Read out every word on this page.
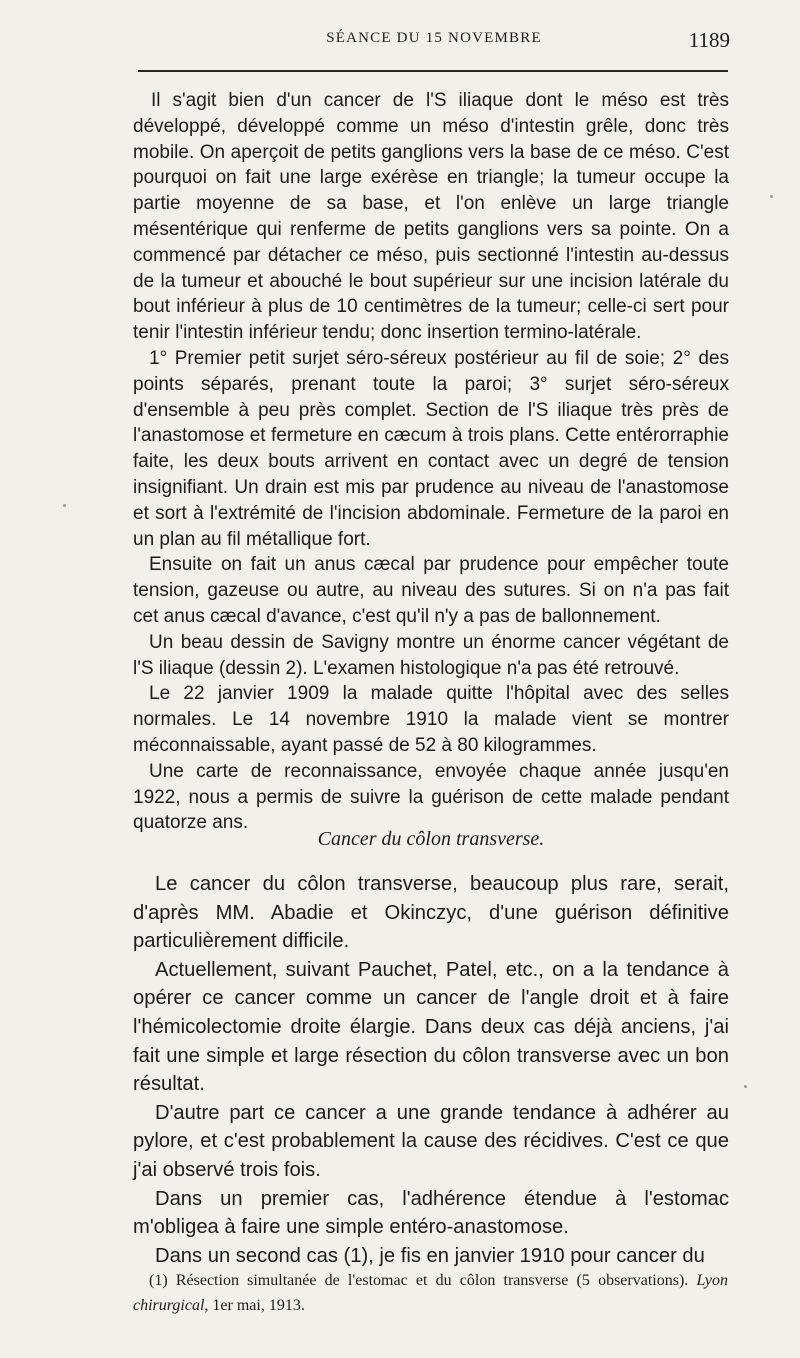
SÉANCE DU 15 NOVEMBRE	1189

Il s'agit bien d'un cancer de l'S iliaque dont le méso est très développé, développé comme un méso d'intestin grêle, donc très mobile. On aperçoit de petits ganglions vers la base de ce méso. C'est pourquoi on fait une large exérèse en triangle; la tumeur occupe la partie moyenne de sa base, et l'on enlève un large triangle mésentérique qui renferme de petits ganglions vers sa pointe. On a commencé par détacher ce méso, puis sectionné l'intestin au-dessus de la tumeur et abouché le bout supérieur sur une incision latérale du bout inférieur à plus de 10 centimètres de la tumeur; celle-ci sert pour tenir l'intestin inférieur tendu; donc insertion termino-latérale.

1° Premier petit surjet séro-séreux postérieur au fil de soie; 2° des points séparés, prenant toute la paroi; 3° surjet séro-séreux d'ensemble à peu près complet. Section de l'S iliaque très près de l'anastomose et fermeture en cæcum à trois plans. Cette entérorraphie faite, les deux bouts arrivent en contact avec un degré de tension insignifiant. Un drain est mis par prudence au niveau de l'anastomose et sort à l'extrémité de l'incision abdominale. Fermeture de la paroi en un plan au fil métallique fort.

Ensuite on fait un anus cæcal par prudence pour empêcher toute tension, gazeuse ou autre, au niveau des sutures. Si on n'a pas fait cet anus cæcal d'avance, c'est qu'il n'y a pas de ballonnement.

Un beau dessin de Savigny montre un énorme cancer végétant de l'S iliaque (dessin 2). L'examen histologique n'a pas été retrouvé.

Le 22 janvier 1909 la malade quitte l'hôpital avec des selles normales. Le 14 novembre 1910 la malade vient se montrer méconnaissable, ayant passé de 52 à 80 kilogrammes.

Une carte de reconnaissance, envoyée chaque année jusqu'en 1922, nous a permis de suivre la guérison de cette malade pendant quatorze ans.

Cancer du côlon transverse.

Le cancer du côlon transverse, beaucoup plus rare, serait, d'après MM. Abadie et Okinczyc, d'une guérison définitive particulièrement difficile.

Actuellement, suivant Pauchet, Patel, etc., on a la tendance à opérer ce cancer comme un cancer de l'angle droit et à faire l'hémicolectomie droite élargie. Dans deux cas déjà anciens, j'ai fait une simple et large résection du côlon transverse avec un bon résultat.

D'autre part ce cancer a une grande tendance à adhérer au pylore, et c'est probablement la cause des récidives. C'est ce que j'ai observé trois fois.

Dans un premier cas, l'adhérence étendue à l'estomac m'obligea à faire une simple entéro-anastomose.

Dans un second cas (1), je fis en janvier 1910 pour cancer du

(1) Résection simultanée de l'estomac et du côlon transverse (5 observations). Lyon chirurgical, 1er mai, 1913.
